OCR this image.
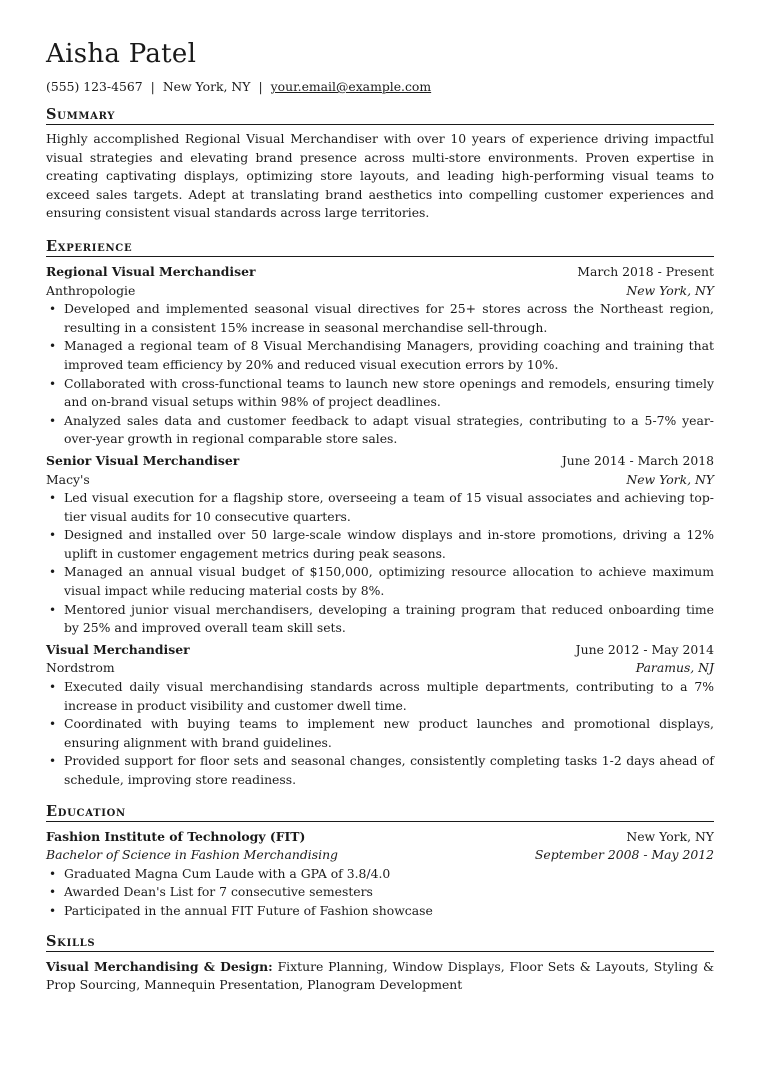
Aisha Patel
(555) 123-4567 | New York, NY | your.email@example.com
Summary
Highly accomplished Regional Visual Merchandiser with over 10 years of experience driving impactful visual strategies and elevating brand presence across multi-store environments. Proven expertise in creating captivating displays, optimizing store layouts, and leading high-performing visual teams to exceed sales targets. Adept at translating brand aesthetics into compelling customer experiences and ensuring consistent visual standards across large territories.
Experience
Regional Visual Merchandiser	March 2018 - Present
Anthropologie	New York, NY
• Developed and implemented seasonal visual directives for 25+ stores across the Northeast region, resulting in a consistent 15% increase in seasonal merchandise sell-through.
• Managed a regional team of 8 Visual Merchandising Managers, providing coaching and training that improved team efficiency by 20% and reduced visual execution errors by 10%.
• Collaborated with cross-functional teams to launch new store openings and remodels, ensuring timely and on-brand visual setups within 98% of project deadlines.
• Analyzed sales data and customer feedback to adapt visual strategies, contributing to a 5-7% year-over-year growth in regional comparable store sales.
Senior Visual Merchandiser	June 2014 - March 2018
Macy's	New York, NY
• Led visual execution for a flagship store, overseeing a team of 15 visual associates and achieving top-tier visual audits for 10 consecutive quarters.
• Designed and installed over 50 large-scale window displays and in-store promotions, driving a 12% uplift in customer engagement metrics during peak seasons.
• Managed an annual visual budget of $150,000, optimizing resource allocation to achieve maximum visual impact while reducing material costs by 8%.
• Mentored junior visual merchandisers, developing a training program that reduced onboarding time by 25% and improved overall team skill sets.
Visual Merchandiser	June 2012 - May 2014
Nordstrom	Paramus, NJ
• Executed daily visual merchandising standards across multiple departments, contributing to a 7% increase in product visibility and customer dwell time.
• Coordinated with buying teams to implement new product launches and promotional displays, ensuring alignment with brand guidelines.
• Provided support for floor sets and seasonal changes, consistently completing tasks 1-2 days ahead of schedule, improving store readiness.
Education
Fashion Institute of Technology (FIT)	New York, NY
Bachelor of Science in Fashion Merchandising	September 2008 - May 2012
• Graduated Magna Cum Laude with a GPA of 3.8/4.0
• Awarded Dean's List for 7 consecutive semesters
• Participated in the annual FIT Future of Fashion showcase
Skills
Visual Merchandising & Design: Fixture Planning, Window Displays, Floor Sets & Layouts, Styling & Prop Sourcing, Mannequin Presentation, Planogram Development
